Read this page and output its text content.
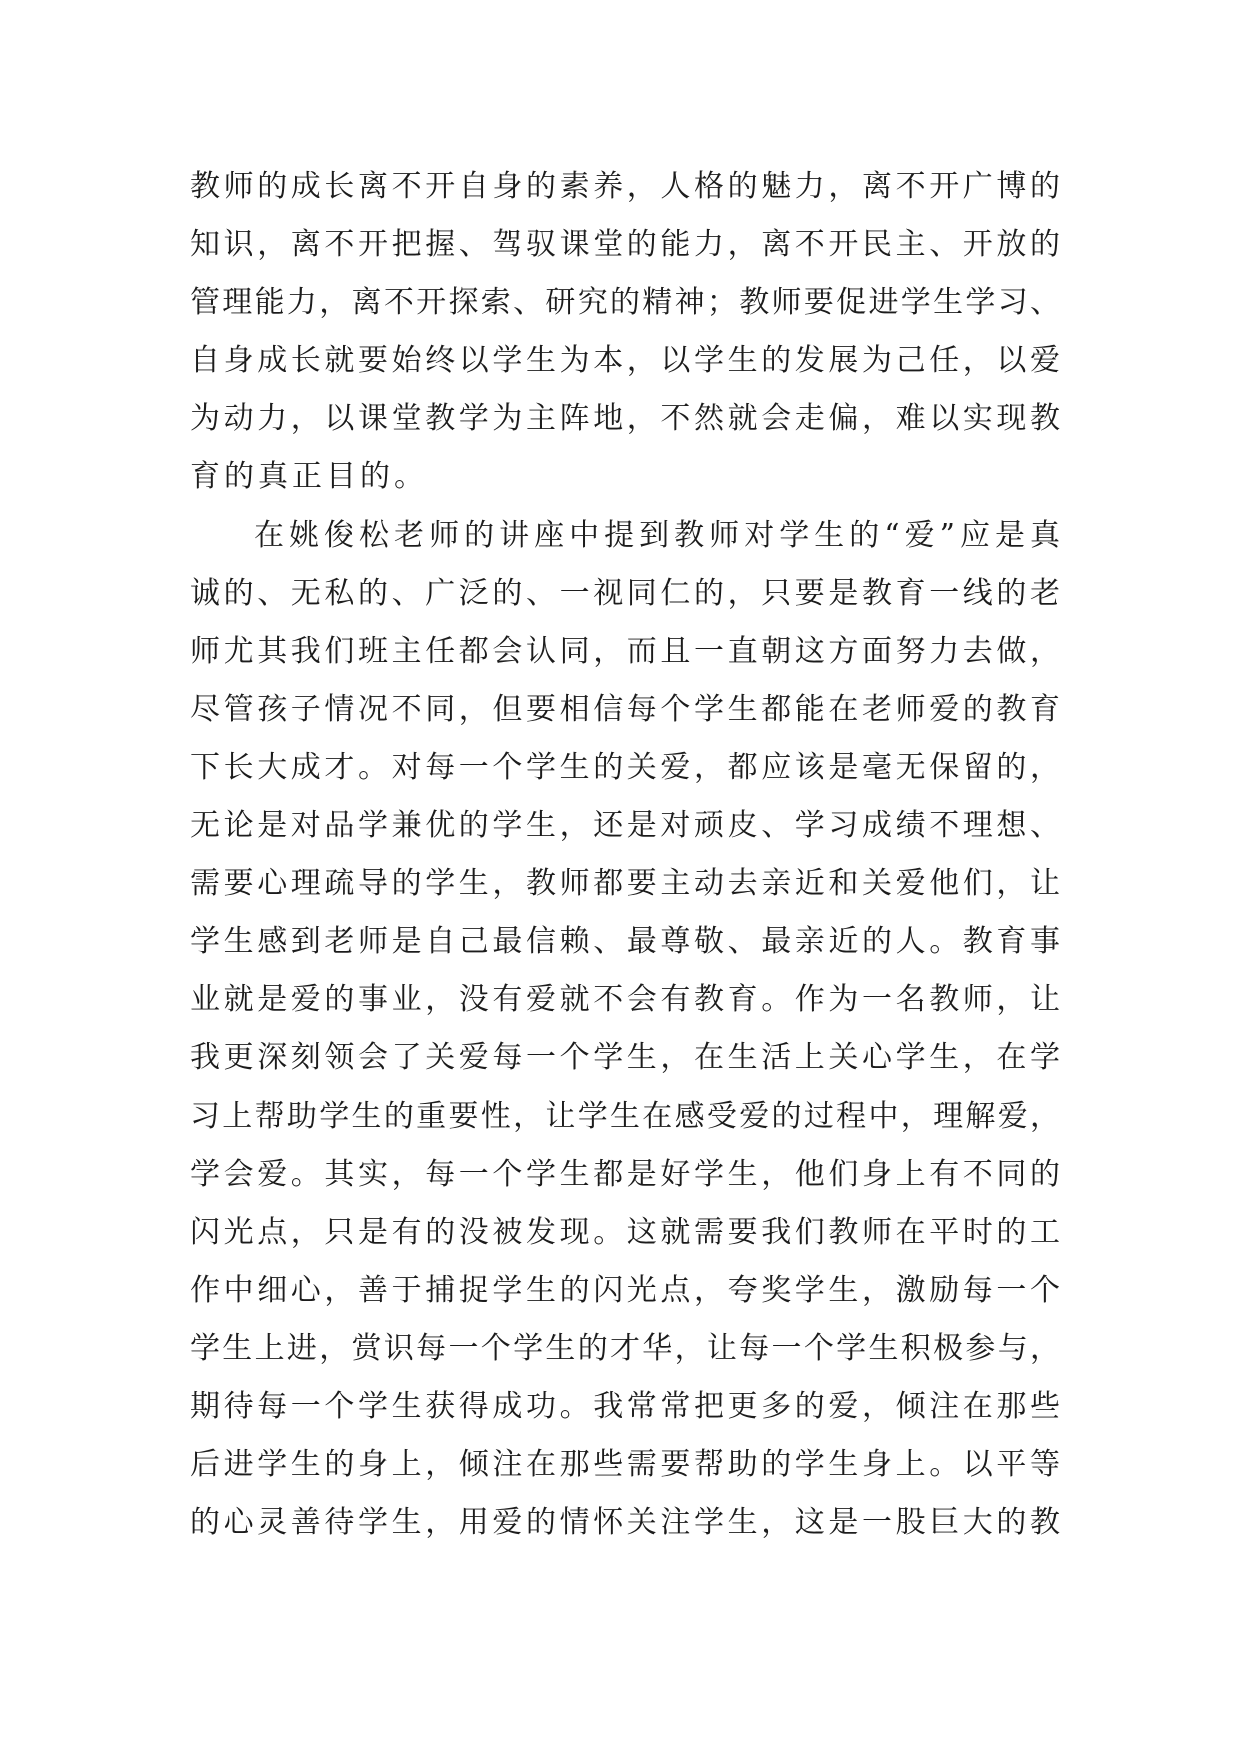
教师的成长离不开自身的素养，人格的魅力，离不开广博的
知识，离不开把握、驾驭课堂的能力，离不开民主、开放的
管理能力，离不开探索、研究的精神；教师要促进学生学习、
自身成长就要始终以学生为本，以学生的发展为己任，以爱
为动力，以课堂教学为主阵地，不然就会走偏，难以实现教
育的真正目的。
在姚俊松老师的讲座中提到教师对学生的“爱”应是真
诚的、无私的、广泛的、一视同仁的，只要是教育一线的老
师尤其我们班主任都会认同，而且一直朝这方面努力去做，
尽管孩子情况不同，但要相信每个学生都能在老师爱的教育
下长大成才。对每一个学生的关爱，都应该是毫无保留的，
无论是对品学兼优的学生，还是对顽皮、学习成绩不理想、
需要心理疏导的学生，教师都要主动去亲近和关爱他们，让
学生感到老师是自己最信赖、最尊敬、最亲近的人。教育事
业就是爱的事业，没有爱就不会有教育。作为一名教师，让
我更深刻领会了关爱每一个学生，在生活上关心学生，在学
习上帮助学生的重要性，让学生在感受爱的过程中，理解爱，
学会爱。其实，每一个学生都是好学生，他们身上有不同的
闪光点，只是有的没被发现。这就需要我们教师在平时的工
作中细心，善于捕捉学生的闪光点，夸奖学生，激励每一个
学生上进，赏识每一个学生的才华，让每一个学生积极参与，
期待每一个学生获得成功。我常常把更多的爱，倾注在那些
后进学生的身上，倾注在那些需要帮助的学生身上。以平等
的心灵善待学生，用爱的情怀关注学生，这是一股巨大的教
